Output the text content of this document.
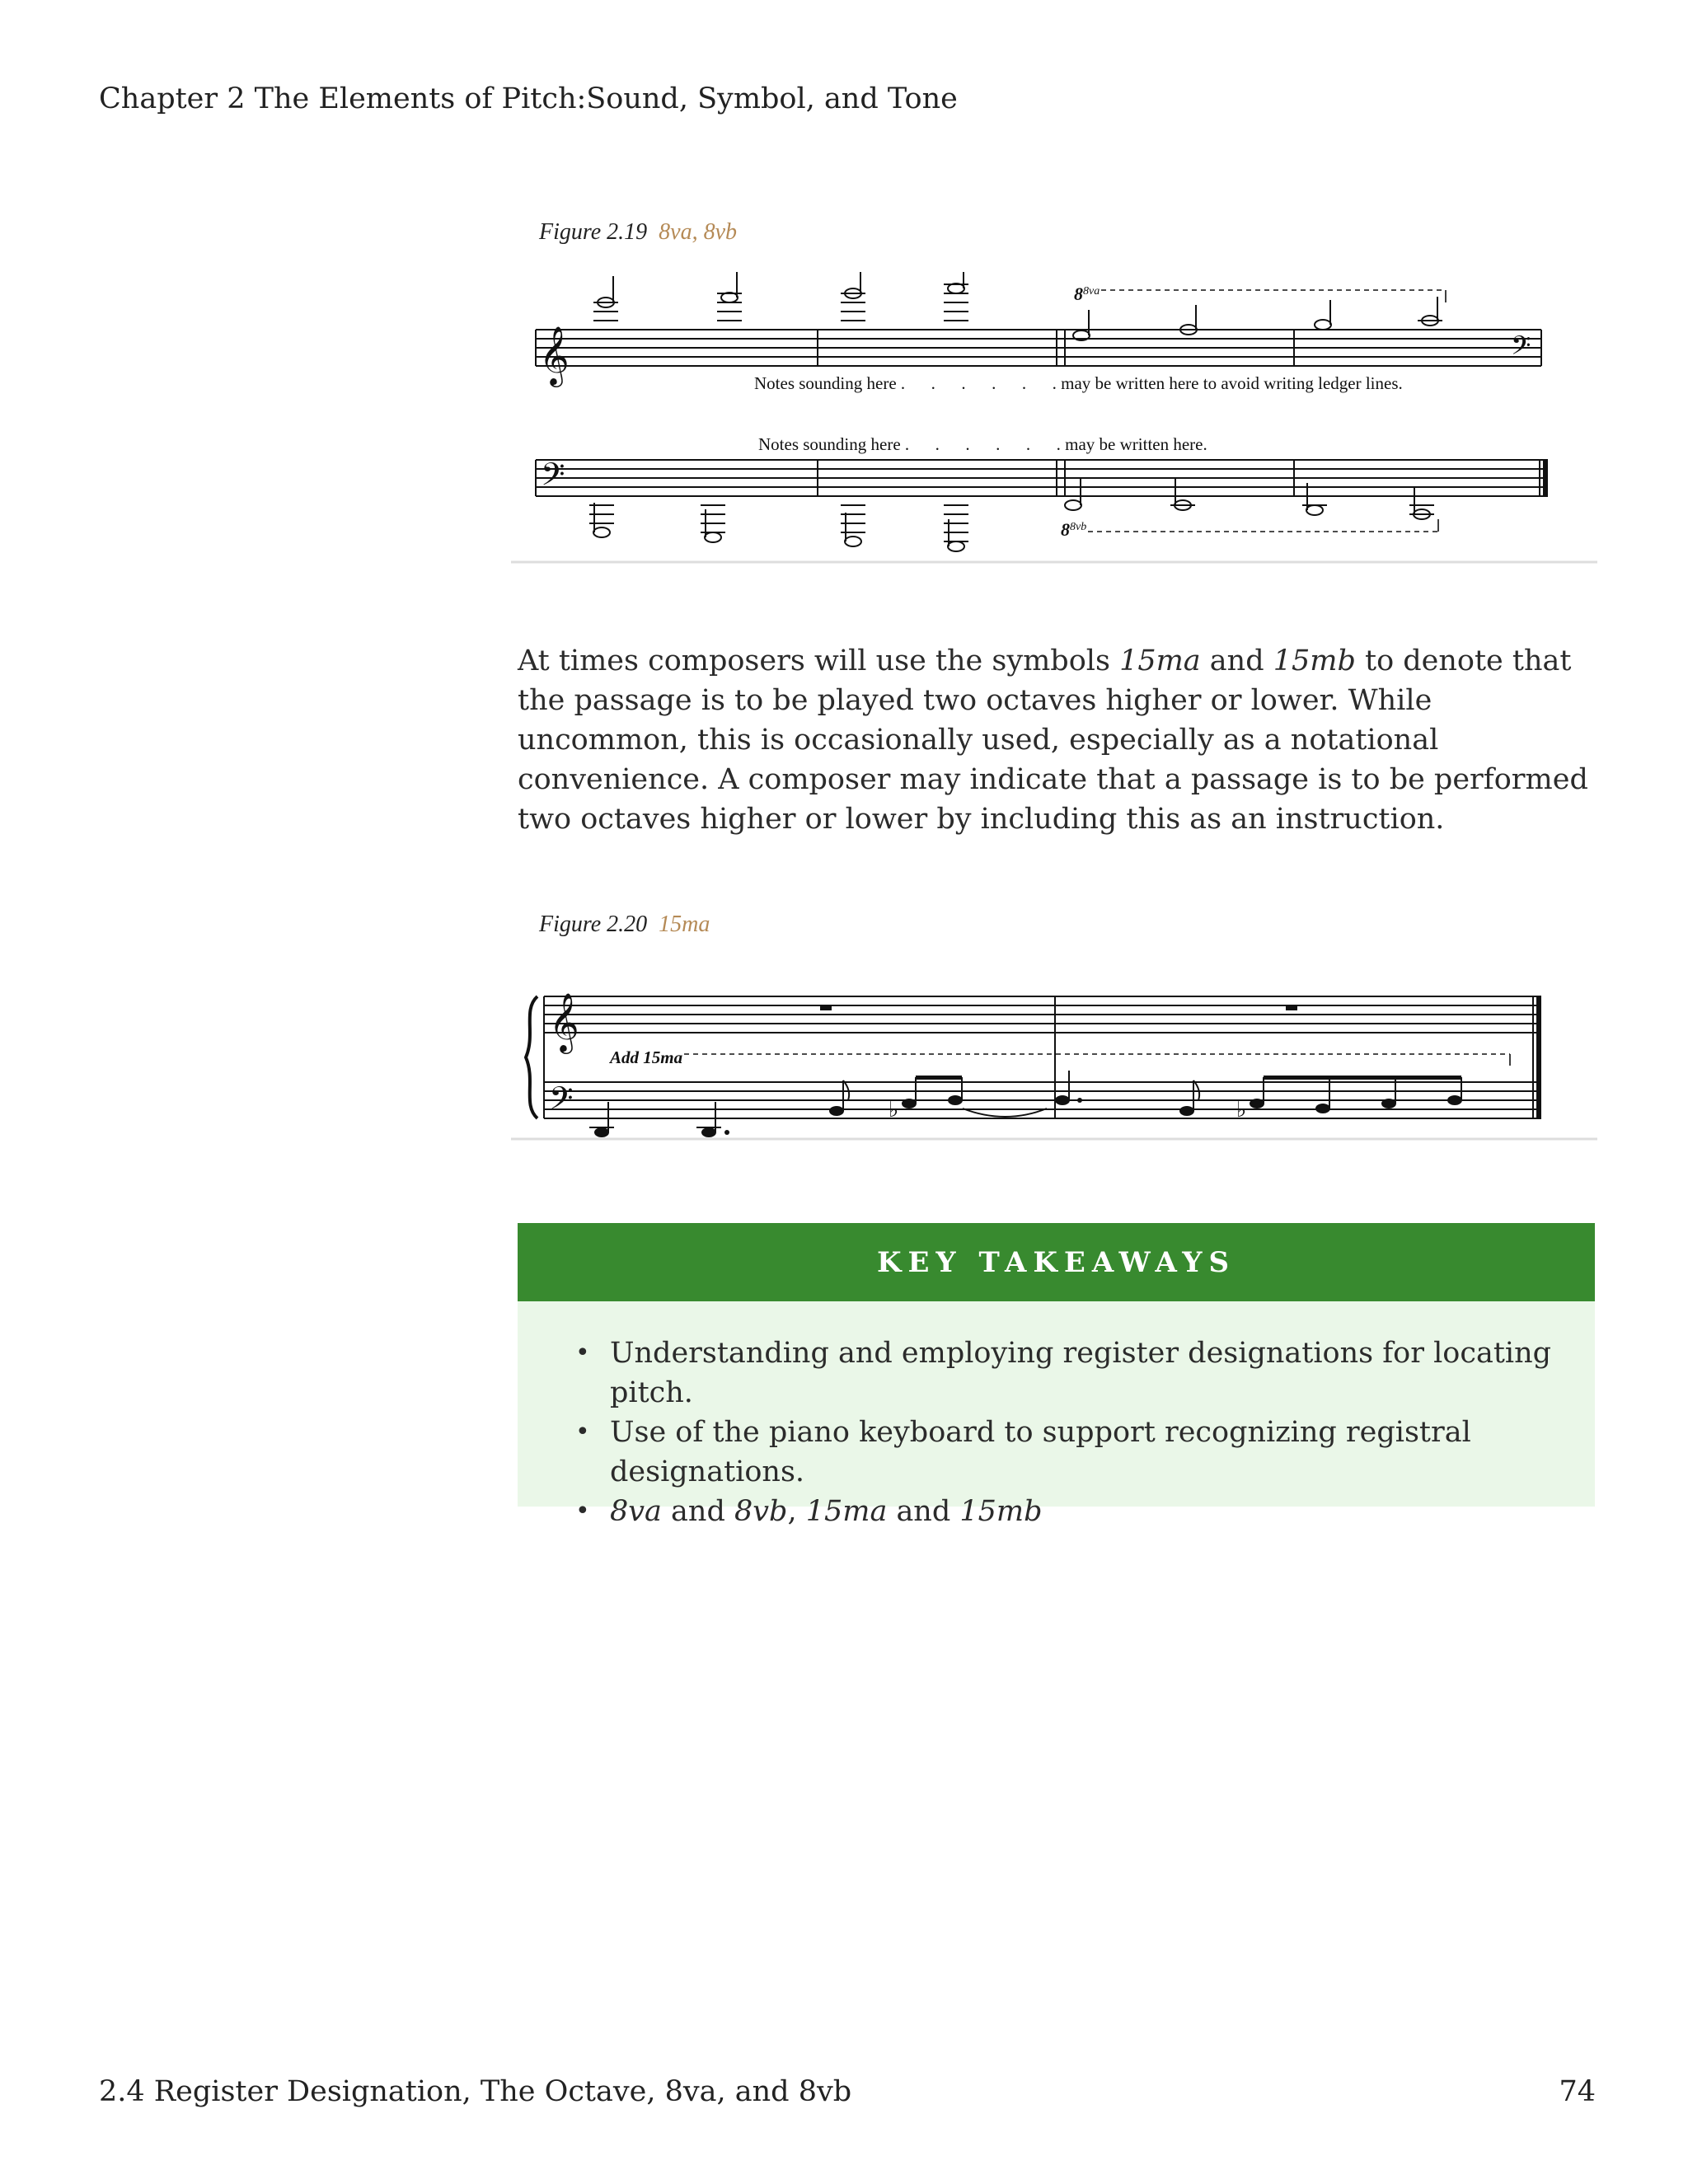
Chapter 2 The Elements of Pitch:Sound, Symbol, and Tone
Figure 2.19 8va, 8vb
𝄞	𝄢
$8^{8va}$
Notes sounding here .      .      .      .      .      . may be written here to avoid writing ledger lines.
Notes sounding here .      .      .      .      .      . may be written here.
𝄢
$8^{8vb}$

At times composers will use the symbols 15ma and 15mb to denote that the passage is to be played two octaves higher or lower. While uncommon, this is occasionally used, especially as a notational convenience. A composer may indicate that a passage is to be performed two octaves higher or lower by including this as an instruction.

Figure 2.20 15ma
𝄞
𝄢
Add 15ma
♭	♭
KEY TAKEAWAYS
• Understanding and employing register designations for locating pitch.
• Use of the piano keyboard to support recognizing registral designations.
• 8va and 8vb, 15ma and 15mb
2.4 Register Designation, The Octave, 8va, and 8vb	74
